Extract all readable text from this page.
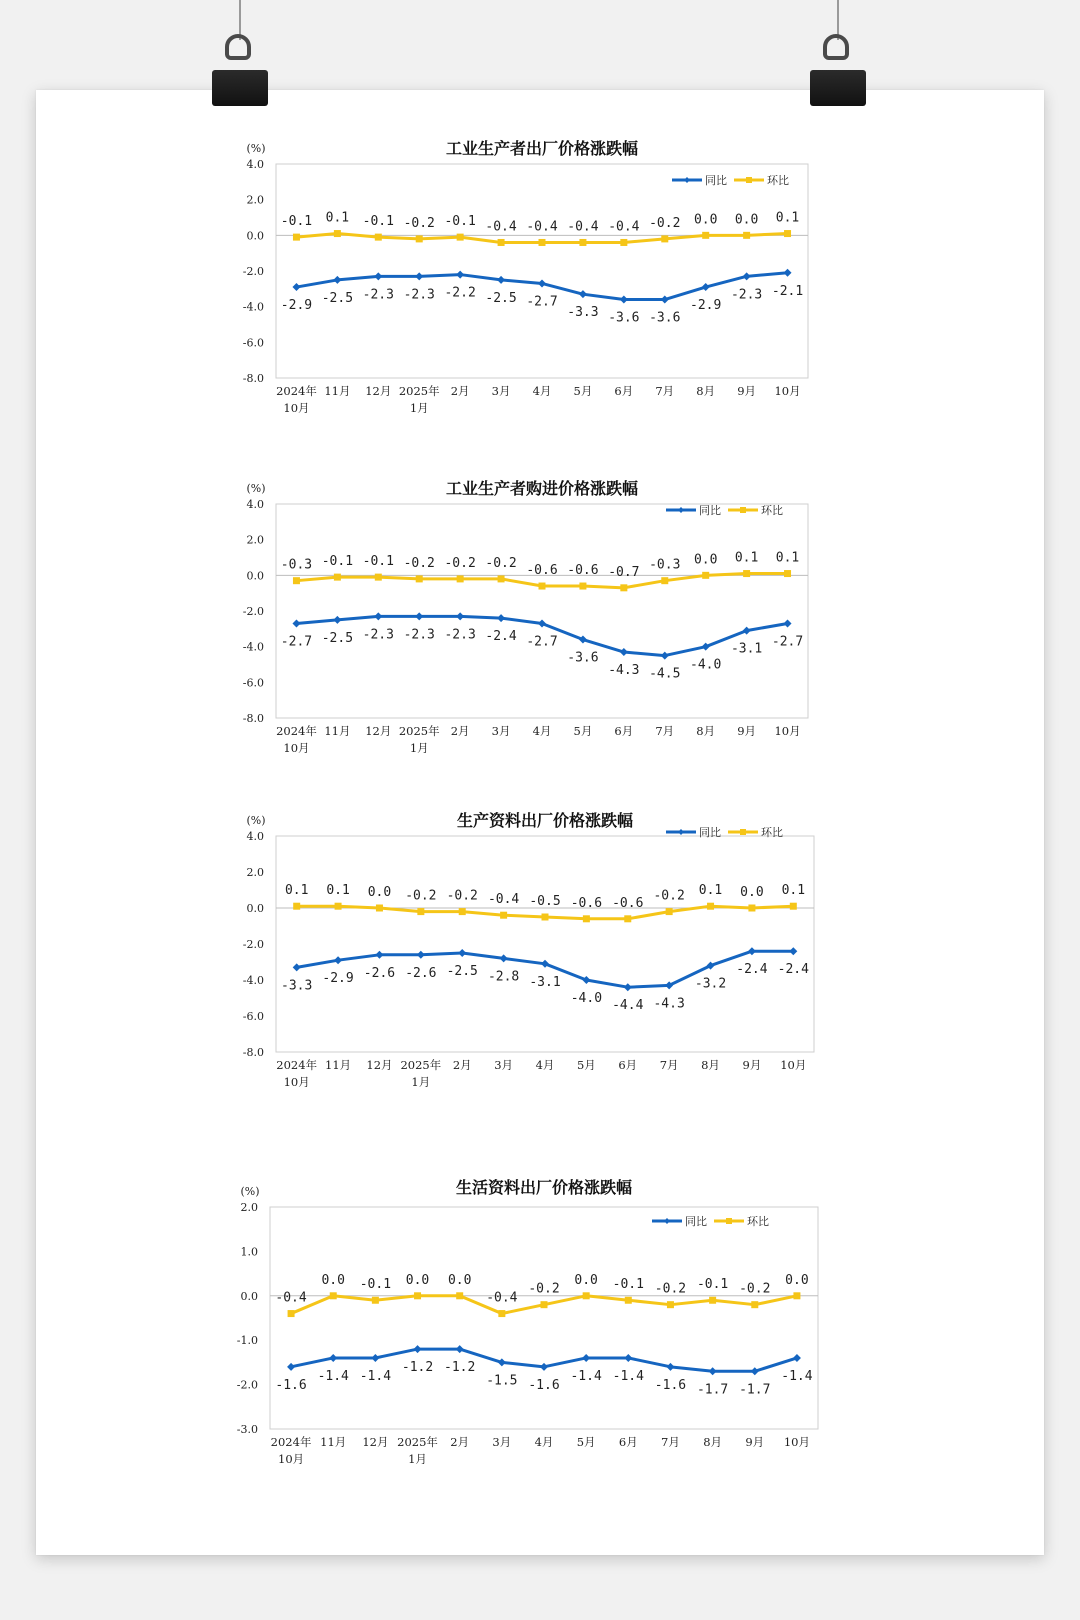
工业生产者出厂价格涨跌幅
(%)
4.0
2.0
0.0
-2.0
-4.0
-6.0
-8.0
2024年
10月
11月 12月 2025年
1月
2月 3月 4月 5月 6月 7月 8月 9月 10月
-2.9 -2.5 -2.3 -2.3 -2.2 -2.5 -2.7
-3.3 -3.6 -3.6
-2.9
-2.3 -2.1
-0.1 0.1 -0.1 -0.2 -0.1 -0.4 -0.4 -0.4 -0.4 -0.2 0.0 0.0 0.1
同比	环比
工业生产者购进价格涨跌幅
(%)
4.0
2.0
0.0
-2.0
-4.0
-6.0
-8.0
2024年
10月
11月 12月 2025年
1月
2月 3月 4月 5月 6月 7月 8月 9月 10月
-2.7 -2.5 -2.3 -2.3 -2.3 -2.4 -2.7
-3.6
-4.3 -4.5
-4.0
-3.1 -2.7
-0.3 -0.1 -0.1 -0.2 -0.2 -0.2 -0.6 -0.6 -0.7 -0.3 0.0 0.1 0.1
同比	环比
生产资料出厂价格涨跌幅
(%)
4.0
2.0
0.0
-2.0
-4.0
-6.0
-8.0
2024年
10月
11月 12月 2025年
1月
2月 3月 4月 5月 6月 7月 8月 9月 10月
-3.3 -2.9 -2.6 -2.6 -2.5 -2.8 -3.1
-4.0 -4.4 -4.3
-3.2
-2.4 -2.4
0.1 0.1 0.0 -0.2 -0.2 -0.4 -0.5 -0.6 -0.6 -0.2 0.1 0.0 0.1
同比	环比
生活资料出厂价格涨跌幅
(%)
2.0
1.0
0.0
-1.0
-2.0
-3.0
2024年
10月
11月 12月 2025年
1月
2月 3月 4月 5月 6月 7月 8月 9月 10月
-1.6
-1.4 -1.4
-1.2 -1.2
-1.5 -1.6
-1.4 -1.4
-1.6 -1.7 -1.7
-1.4
-0.4
0.0 -0.1 0.0 0.0
-0.4
-0.2
0.0 -0.1 -0.2 -0.1 -0.2
0.0
同比	环比
